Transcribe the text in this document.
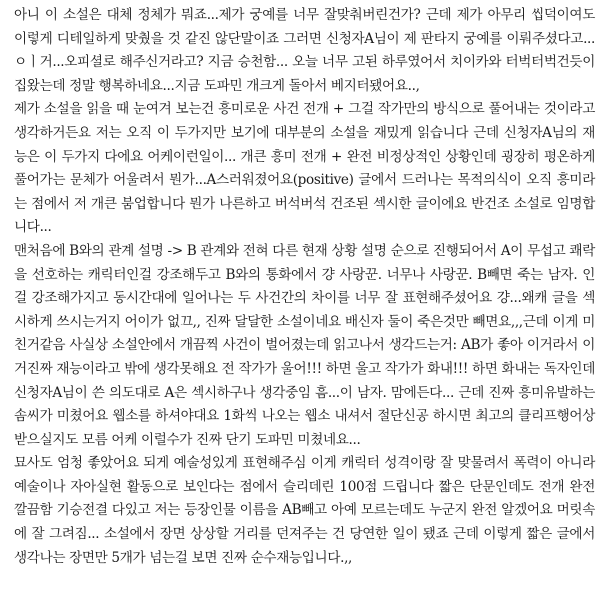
아니 이 소설은 대체 정체가 뭐죠...제가 궁예를 너무 잘맞춰버린건가? 근데 제가 아무리 씹덕이여도 이렇게 디테일하게 맞췄을 것 같진 않단말이죠 그러면 신청자A님이 제 판타지 궁예를 이뤄주셨다고...ㅇㅣ거...오피셜로 해주신거라고? 지금 승천함... 오늘 너무 고된 하루였어서 치이카와 터벅터벅건듯이 집왔는데 정말 행복하네요...지금 도파민 개크게 돌아서 베지터됐어요..,

제가 소설을 읽을 때 눈여겨 보는건 흥미로운 사건 전개 + 그걸 작가만의 방식으로 풀어내는 것이라고 생각하거든요 저는 오직 이 두가지만 보기에 대부분의 소설을 재밌게 읽습니다 근데 신청자A님의 재능은 이 두가지 다에요 어케이런일이... 개큰 흥미 전개 + 완전 비정상적인 상황인데 굉장히 평온하게 풀어가는 문체가 어울려서 뭔가...A스러워졌어요(positive) 글에서 드러나는 목적의식이 오직 흥미라는 점에서 저 개큰 붐업합니다 뭔가 나른하고 버석버석 건조된 섹시한 글이에요 반건조 소설로 임명합니다...

맨처음에 B와의 관계 설명 -> B 관계와 전혀 다른 현재 상황 설명 순으로 진행되어서 A이 무섭고 쾌락을 선호하는 캐릭터인걸 강조해두고 B와의 통화에서 걍 사랑꾼. 너무나 사랑꾼. B빼면 죽는 남자. 인걸 강조해가지고 동시간대에 일어나는 두 사건간의 차이를 너무 잘 표현해주셨어요 걍...왜캐 글을 섹시하게 쓰시는거지 어이가 없끄,, 진짜 달달한 소설이네요 배신자 둘이 죽은것만 빼면요,,,근데 이게 미친거같음 사실상 소설안에서 개끔찍 사건이 벌어졌는데 읽고나서 생각드는거: AB가 좋아 이거라서 이거진짜 재능이라고 밖에 생각못해요 전 작가가 울어!!! 하면 울고 작가가 화내!!! 하면 화내는 독자인데 신청자A님이 쓴 의도대로 A은 섹시하구나 생각중임 흠...이 남자. 맘에든다... 근데 진짜 흥미유발하는 솜씨가 미쳤어요 웹소를 하셔야대요 1화씩 나오는 웹소 내셔서 절단신공 하시면 최고의 클리프행어상 받으실지도 모름 어케 이럴수가 진짜 단기 도파민 미쳤네요...

묘사도 엄청 좋았어요 되게 예술성있게 표현해주심 이게 캐릭터 성격이랑 잘 맞물려서 폭력이 아니라 예술이나 자아실현 활동으로 보인다는 점에서 슬리데린 100점 드립니다 짧은 단문인데도 전개 완전 깔끔함 기승전결 다있고 저는 등장인물 이름을 AB빼고 아예 모르는데도 누군지 완전 알겠어요 머릿속에 잘 그려짐... 소설에서 장면 상상할 거리를 던져주는 건 당연한 일이 됐죠 근데 이렇게 짧은 글에서 생각나는 장면만 5개가 넘는걸 보면 진짜 순수재능입니다.,,
